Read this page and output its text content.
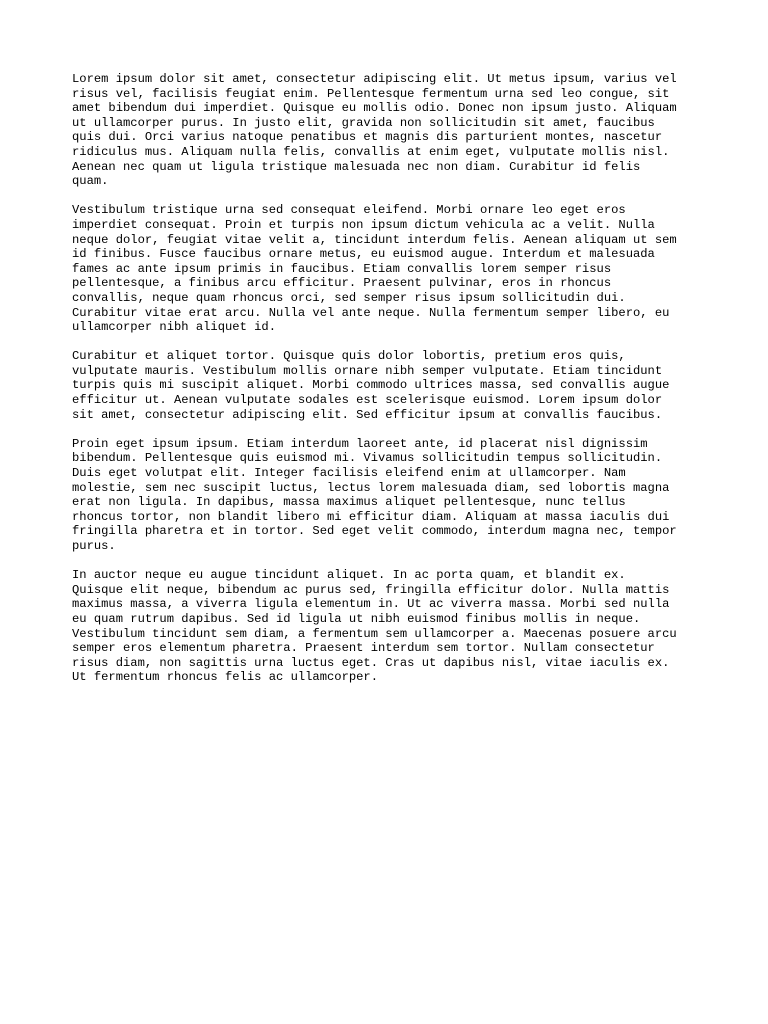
Lorem ipsum dolor sit amet, consectetur adipiscing elit. Ut metus ipsum, varius vel
risus vel, facilisis feugiat enim. Pellentesque fermentum urna sed leo congue, sit
amet bibendum dui imperdiet. Quisque eu mollis odio. Donec non ipsum justo. Aliquam
ut ullamcorper purus. In justo elit, gravida non sollicitudin sit amet, faucibus
quis dui. Orci varius natoque penatibus et magnis dis parturient montes, nascetur
ridiculus mus. Aliquam nulla felis, convallis at enim eget, vulputate mollis nisl.
Aenean nec quam ut ligula tristique malesuada nec non diam. Curabitur id felis
quam.

Vestibulum tristique urna sed consequat eleifend. Morbi ornare leo eget eros
imperdiet consequat. Proin et turpis non ipsum dictum vehicula ac a velit. Nulla
neque dolor, feugiat vitae velit a, tincidunt interdum felis. Aenean aliquam ut sem
id finibus. Fusce faucibus ornare metus, eu euismod augue. Interdum et malesuada
fames ac ante ipsum primis in faucibus. Etiam convallis lorem semper risus
pellentesque, a finibus arcu efficitur. Praesent pulvinar, eros in rhoncus
convallis, neque quam rhoncus orci, sed semper risus ipsum sollicitudin dui.
Curabitur vitae erat arcu. Nulla vel ante neque. Nulla fermentum semper libero, eu
ullamcorper nibh aliquet id.

Curabitur et aliquet tortor. Quisque quis dolor lobortis, pretium eros quis,
vulputate mauris. Vestibulum mollis ornare nibh semper vulputate. Etiam tincidunt
turpis quis mi suscipit aliquet. Morbi commodo ultrices massa, sed convallis augue
efficitur ut. Aenean vulputate sodales est scelerisque euismod. Lorem ipsum dolor
sit amet, consectetur adipiscing elit. Sed efficitur ipsum at convallis faucibus.

Proin eget ipsum ipsum. Etiam interdum laoreet ante, id placerat nisl dignissim
bibendum. Pellentesque quis euismod mi. Vivamus sollicitudin tempus sollicitudin.
Duis eget volutpat elit. Integer facilisis eleifend enim at ullamcorper. Nam
molestie, sem nec suscipit luctus, lectus lorem malesuada diam, sed lobortis magna
erat non ligula. In dapibus, massa maximus aliquet pellentesque, nunc tellus
rhoncus tortor, non blandit libero mi efficitur diam. Aliquam at massa iaculis dui
fringilla pharetra et in tortor. Sed eget velit commodo, interdum magna nec, tempor
purus.

In auctor neque eu augue tincidunt aliquet. In ac porta quam, et blandit ex.
Quisque elit neque, bibendum ac purus sed, fringilla efficitur dolor. Nulla mattis
maximus massa, a viverra ligula elementum in. Ut ac viverra massa. Morbi sed nulla
eu quam rutrum dapibus. Sed id ligula ut nibh euismod finibus mollis in neque.
Vestibulum tincidunt sem diam, a fermentum sem ullamcorper a. Maecenas posuere arcu
semper eros elementum pharetra. Praesent interdum sem tortor. Nullam consectetur
risus diam, non sagittis urna luctus eget. Cras ut dapibus nisl, vitae iaculis ex.
Ut fermentum rhoncus felis ac ullamcorper.
